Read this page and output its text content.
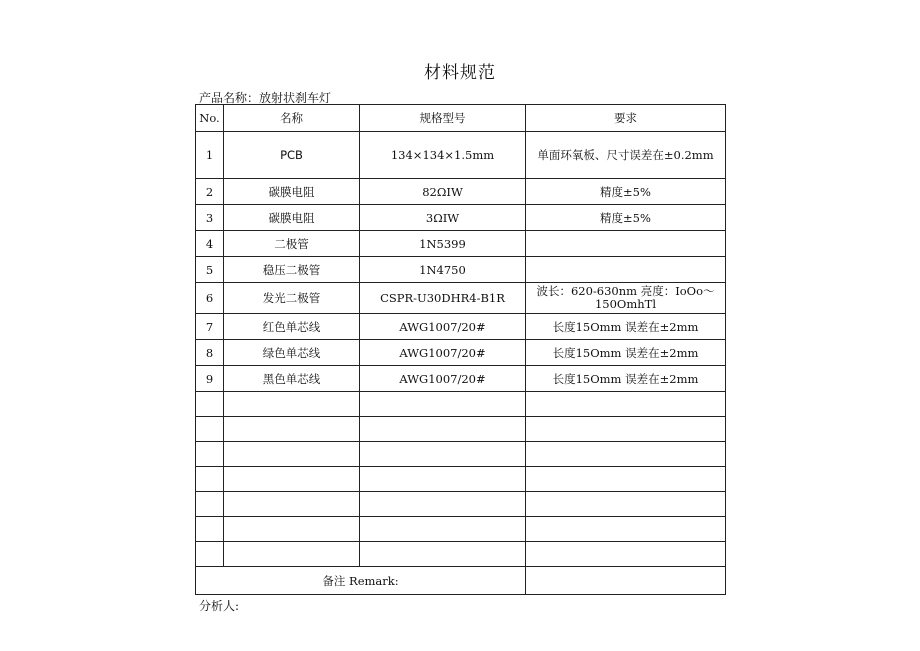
材料规范
产品名称：放射状刹车灯
No.	名称	规格型号	要求
1	PCB	134×134×1.5mm	单面环氧板、尺寸误差在±0.2mm
2	碳膜电阻	82ΩIW	精度±5%
3	碳膜电阻	3ΩIW	精度±5%
4	二极管	1N5399	
5	稳压二极管	1N4750	
6	发光二极管	CSPR-U30DHR4-B1R	波长：620-630nm 亮度：IoOo～
150OmhTl

7	红色单芯线	AWG1007/20#	长度15Omm 误差在±2mm
8	绿色单芯线	AWG1007/20#	长度15Omm 误差在±2mm
9	黑色单芯线	AWG1007/20#	长度15Omm 误差在±2mm

备注 Remark:			
分析人:
